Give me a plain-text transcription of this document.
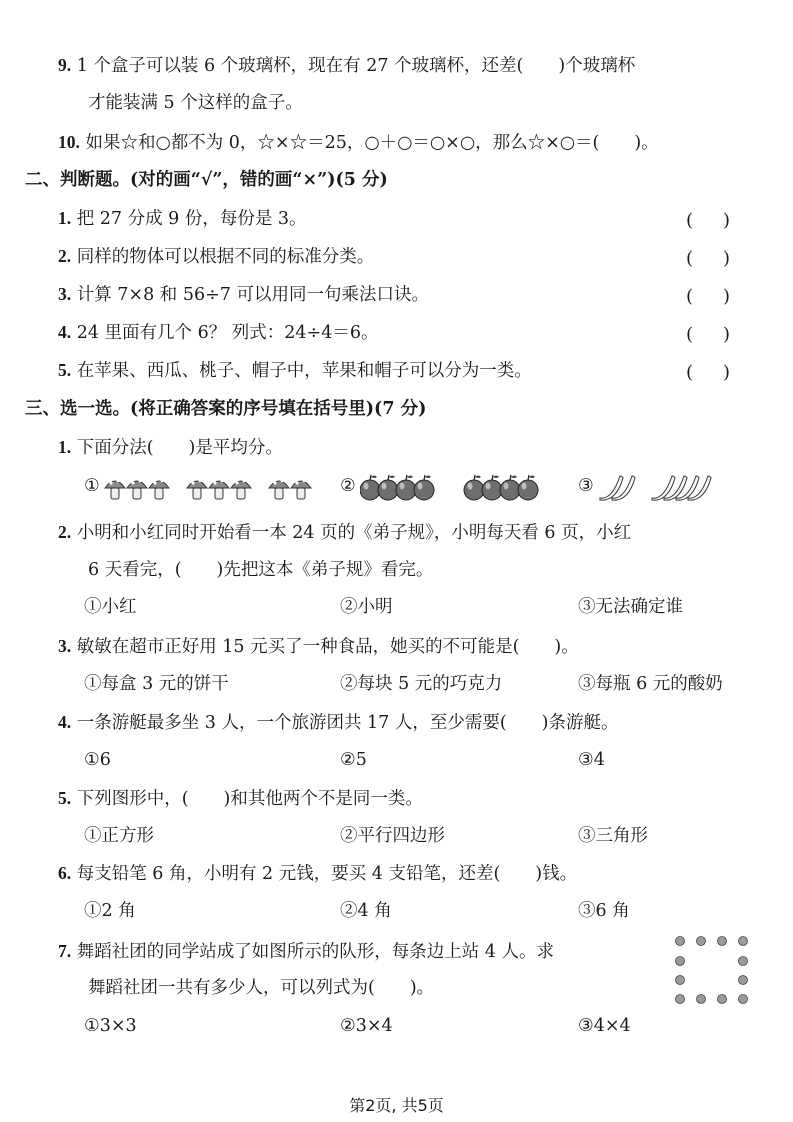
9. 1 个盒子可以装 6 个玻璃杯，现在有 27 个玻璃杯，还差(　　)个玻璃杯
才能装满 5 个这样的盒子。
10. 如果☆和○都不为 0，☆×☆＝25，○＋○＝○×○，那么☆×○＝(　　)。
二、判断题。(对的画“√”，错的画“×”)(5 分)
1. 把 27 分成 9 份，每份是 3。	(　)
2. 同样的物体可以根据不同的标准分类。	(　)
3. 计算 7×8 和 56÷7 可以用同一句乘法口诀。	(　)
4. 24 里面有几个 6？ 列式：24÷4＝6。	(　)
5. 在苹果、西瓜、桃子、帽子中，苹果和帽子可以分为一类。	(　)
三、选一选。(将正确答案的序号填在括号里)(7 分)
1. 下面分法(　　)是平均分。
①	②	③
2. 小明和小红同时开始看一本 24 页的《弟子规》，小明每天看 6 页，小红
6 天看完，(　　)先把这本《弟子规》看完。
①小红	②小明	③无法确定谁
3. 敏敏在超市正好用 15 元买了一种食品，她买的不可能是(　　)。
①每盒 3 元的饼干	②每块 5 元的巧克力	③每瓶 6 元的酸奶
4. 一条游艇最多坐 3 人，一个旅游团共 17 人，至少需要(　　)条游艇。
①6	②5	③4
5. 下列图形中，(　　)和其他两个不是同一类。
①正方形	②平行四边形	③三角形
6. 每支铅笔 6 角，小明有 2 元钱，要买 4 支铅笔，还差(　　)钱。
①2 角	②4 角	③6 角
7. 舞蹈社团的同学站成了如图所示的队形，每条边上站 4 人。求
舞蹈社团一共有多少人，可以列式为(　　)。
①3×3	②3×4	③4×4
第2页, 共5页
